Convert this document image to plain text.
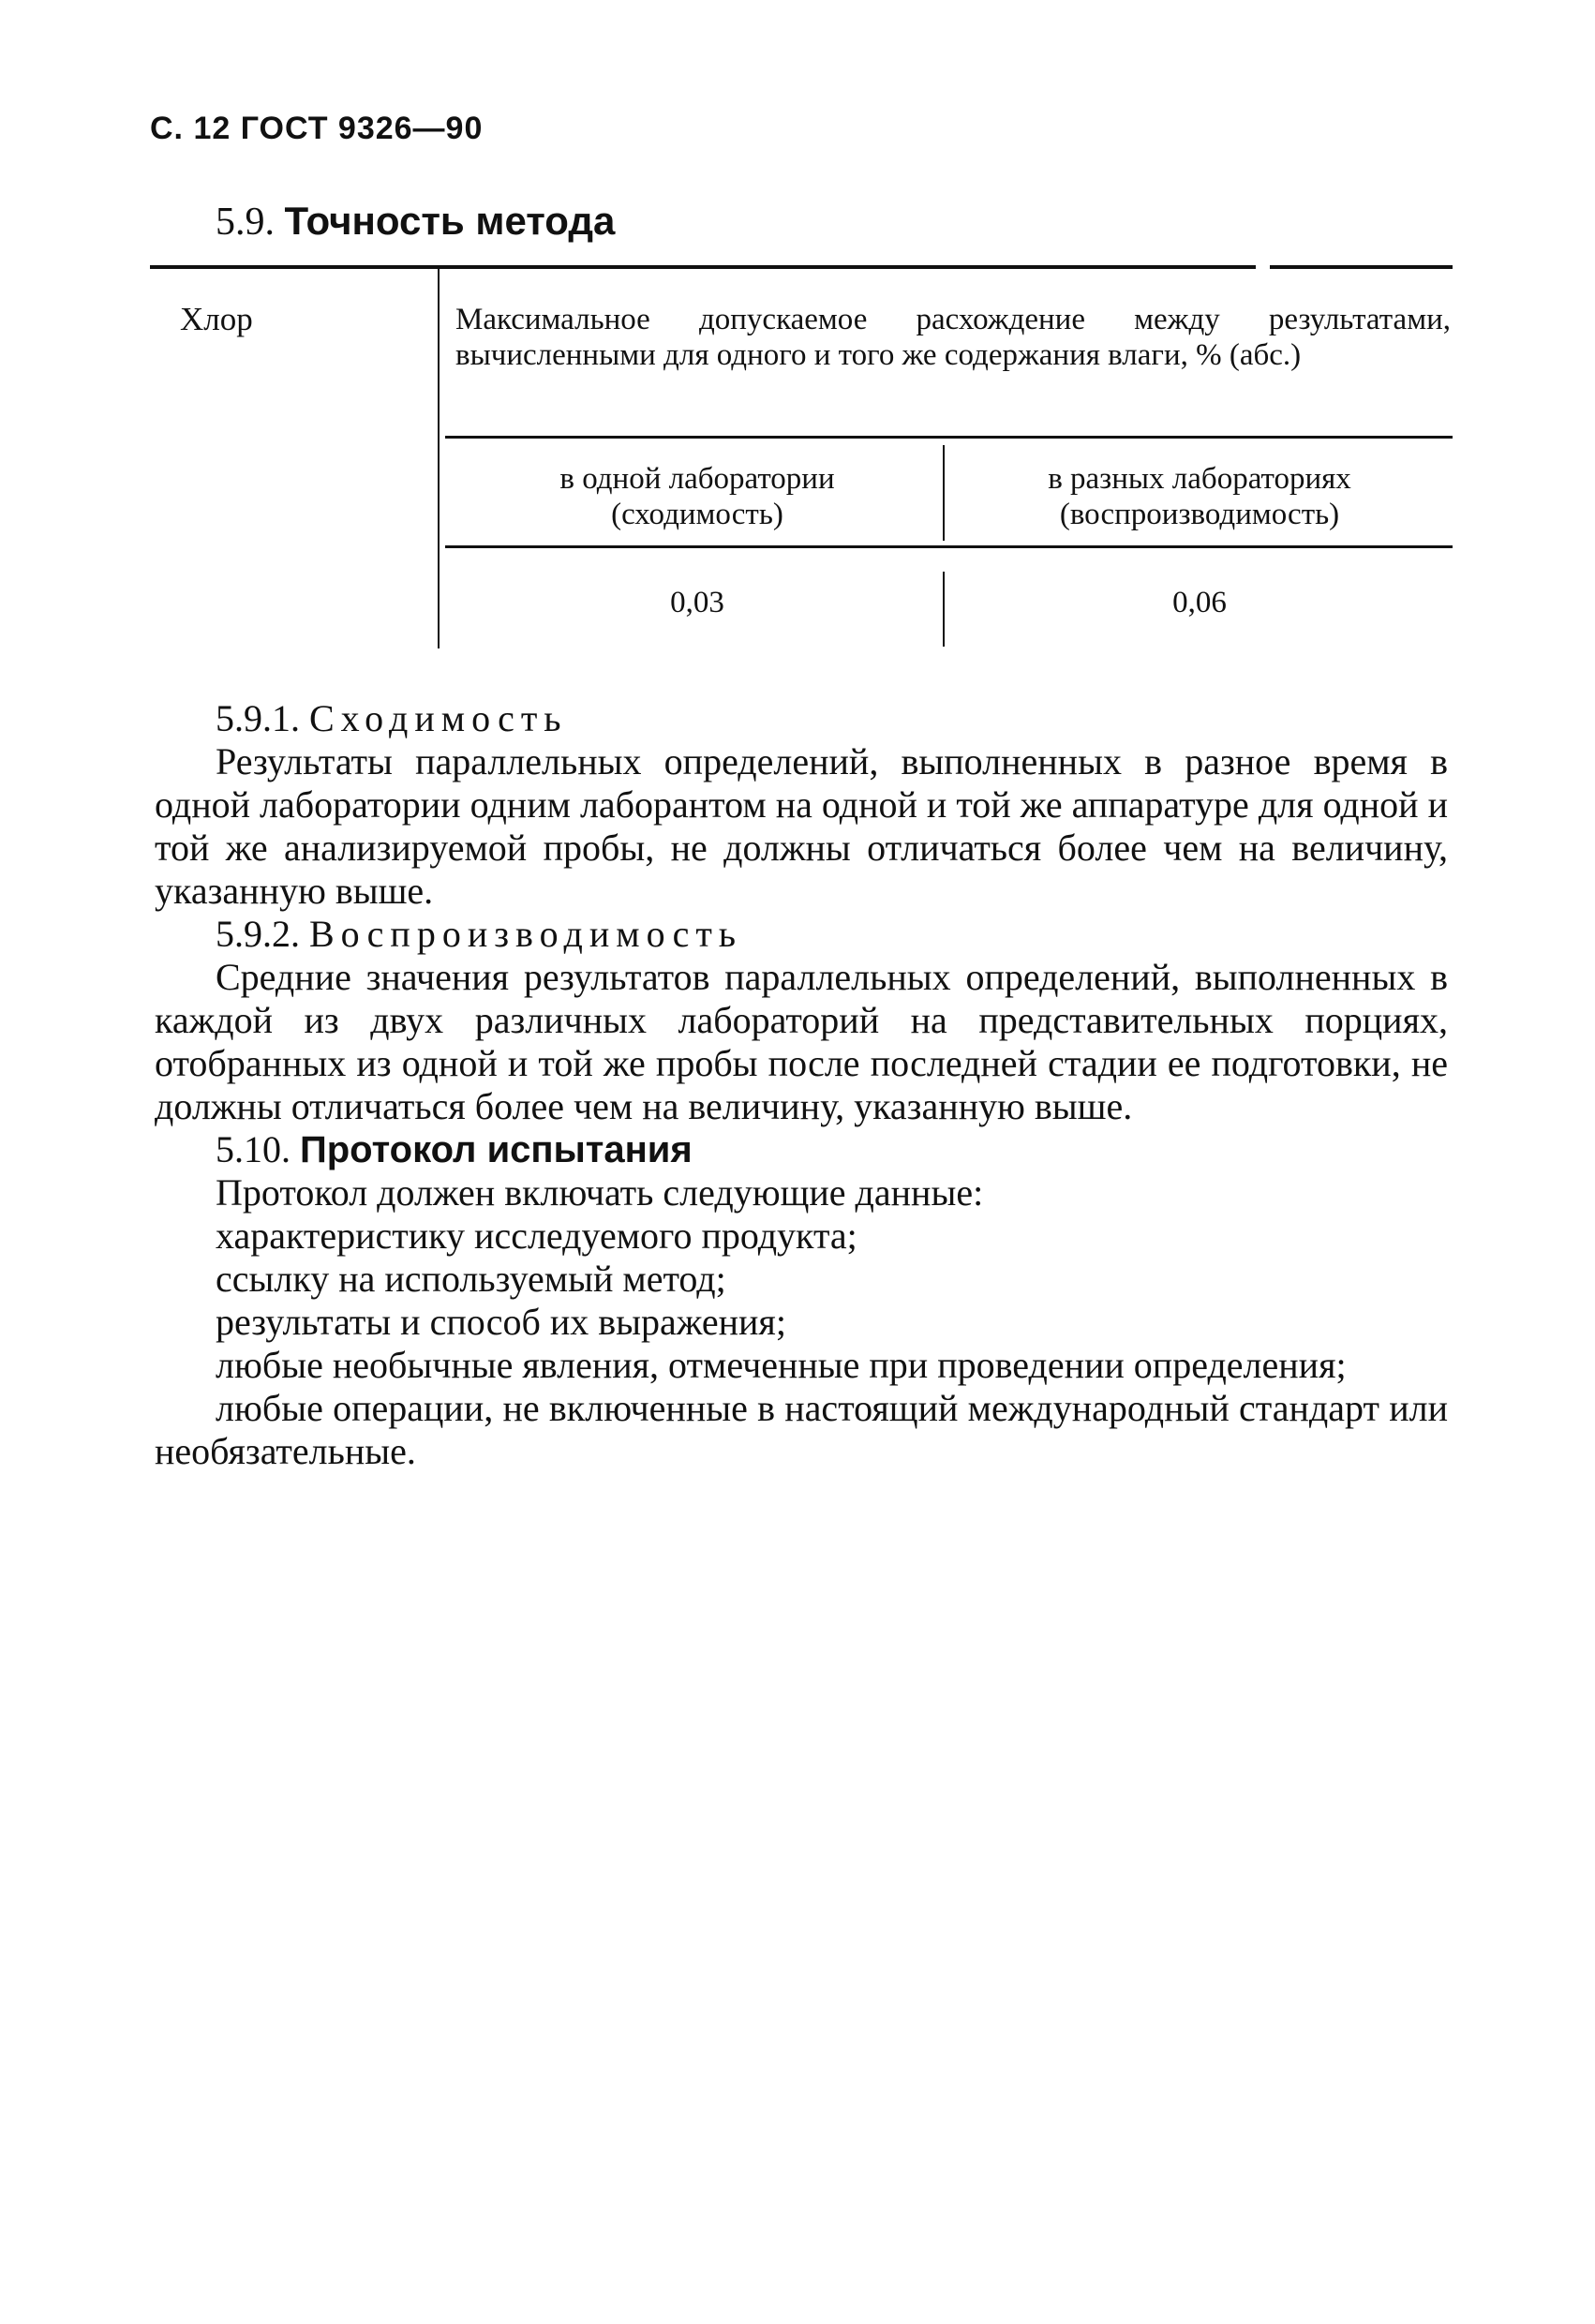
С. 12 ГОСТ 9326—90
5.9. Точность метода
Хлор	Максимальное допускаемое расхождение между результатами, вычисленными для одного и того же содержания влаги, % (абс.)
в одной лаборатории
(сходимость)
в разных лабораториях
(воспроизводимость)
0,03	0,06

5.9.1. Сходимость

Результаты параллельных определений, выполненных в разное время в одной лаборатории одним лаборантом на одной и той же аппаратуре для одной и той же анализируемой пробы, не должны отличаться более чем на величину, указанную выше.

5.9.2. Воспроизводимость

Средние значения результатов параллельных определений, выполненных в каждой из двух различных лабораторий на представительных порциях, отобранных из одной и той же пробы после последней стадии ее подготовки, не должны отличаться более чем на величину, указанную выше.

5.10. Протокол испытания

Протокол должен включать следующие данные:

характеристику исследуемого продукта;

ссылку на используемый метод;

результаты и способ их выражения;

любые необычные явления, отмеченные при проведении определения;

любые операции, не включенные в настоящий международный стандарт или необязательные.
